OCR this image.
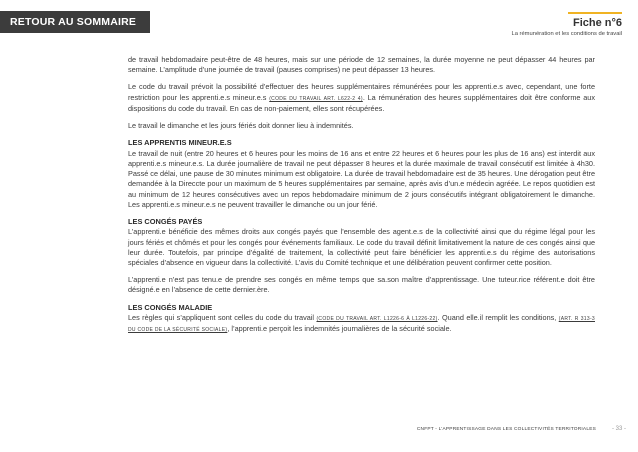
RETOUR AU SOMMAIRE	Fiche n°6
La rémunération et les conditions de travail

de travail hebdomadaire peut-être de 48 heures, mais sur une période de 12 semaines, la durée moyenne ne peut dépasser 44 heures par semaine. L’amplitude d’une journée de travail (pauses comprises) ne peut dépasser 13 heures.

Le code du travail prévoit la possibilité d’effectuer des heures supplémentaires rémunérées pour les apprenti.e.s avec, cependant, une forte restriction pour les apprenti.e.s mineur.e.s (CODE DU TRAVAIL ART. L622-2 4). La rémunération des heures supplémentaires doit être conforme aux dispositions du code du travail. En cas de non-paiement, elles sont récupérées.

Le travail le dimanche et les jours fériés doit donner lieu à indemnités.

LES APPRENTIS MINEUR.E.S

Le travail de nuit (entre 20 heures et 6 heures pour les moins de 16 ans et entre 22 heures et 6 heures pour les plus de 16 ans) est interdit aux apprenti.e.s mineur.e.s. La durée journalière de travail ne peut dépasser 8 heures et la durée maximale de travail consécutif est limitée à 4h30. Passé ce délai, une pause de 30 minutes minimum est obligatoire. La durée de travail hebdomadaire est de 35 heures. Une dérogation peut être demandée à la Direccte pour un maximum de 5 heures supplémentaires par semaine, après avis d’un.e médecin agréée. Le repos quotidien est au minimum de 12 heures consécutives avec un repos hebdomadaire minimum de 2 jours consécutifs intégrant obligatoirement le dimanche. Les apprenti.e.s mineur.e.s ne peuvent travailler le dimanche ou un jour férié.

LES CONGÉS PAYÉS

L’apprenti.e bénéficie des mêmes droits aux congés payés que l’ensemble des agent.e.s de la collectivité ainsi que du régime légal pour les jours fériés et chômés et pour les congés pour événements familiaux. Le code du travail définit limitativement la nature de ces congés ainsi que leur durée. Toutefois, par principe d’égalité de traitement, la collectivité peut faire bénéficier les apprenti.e.s du régime des autorisations spéciales d’absence en vigueur dans la collectivité. L’avis du Comité technique et une délibération peuvent confirmer cette position.

L’apprenti.e n’est pas tenu.e de prendre ses congés en même temps que sa.son maître d’apprentissage. Une tuteur.rice référent.e doit être désigné.e en l’absence de cette dernier.ère.

LES CONGÉS MALADIE

Les règles qui s’appliquent sont celles du code du travail (CODE DU TRAVAIL ART. L1226-6 À L1226-22). Quand elle.il remplit les conditions, (ART. R 313-3 DU CODE DE LA SÉCURITÉ SOCIALE), l’apprenti.e perçoit les indemnités journalières de la sécurité sociale.

CNFPT - L’APPRENTISSAGE DANS LES COLLECTIVITÉS TERRITORIALES	- 33 -
